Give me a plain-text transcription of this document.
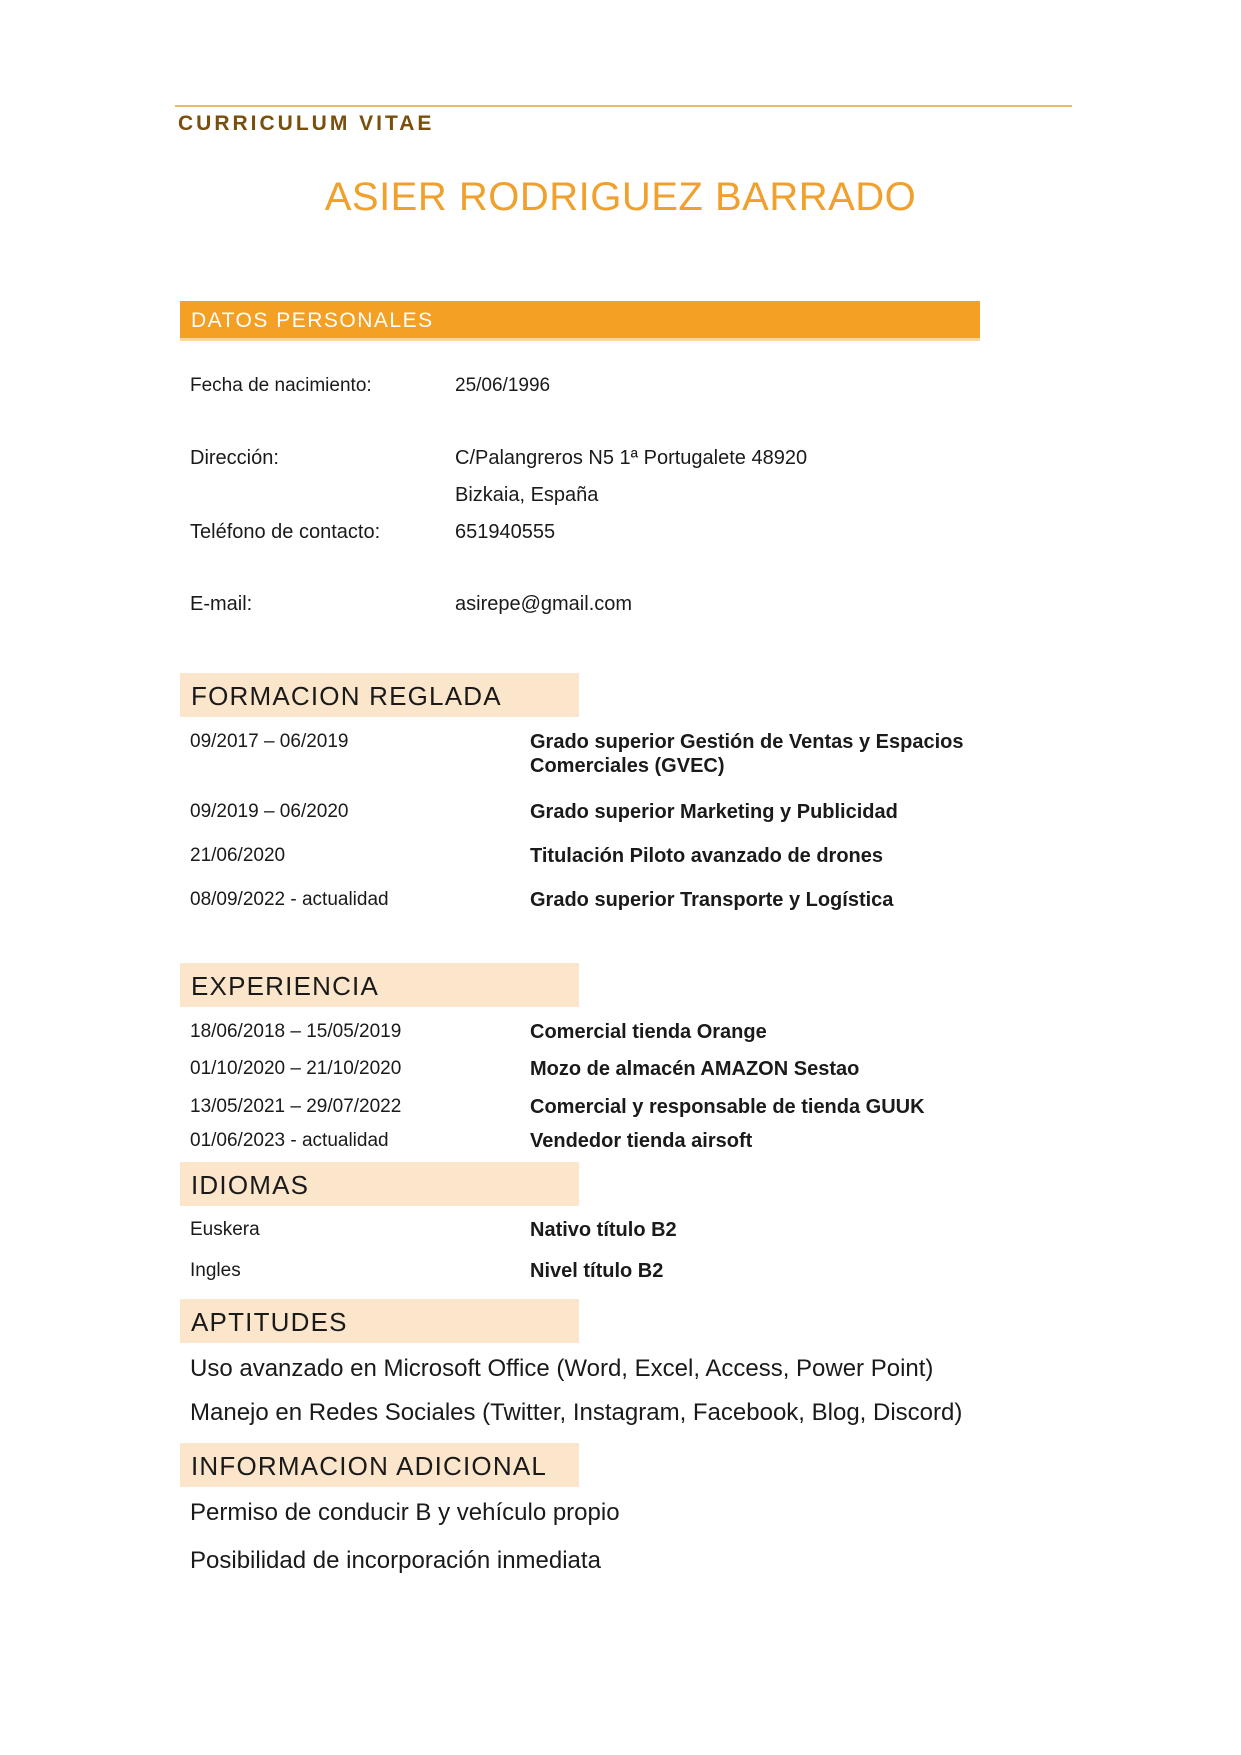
CURRICULUM VITAE
ASIER RODRIGUEZ BARRADO
DATOS PERSONALES
Fecha de nacimiento:	25/06/1996
Dirección:	C/Palangreros N5 1ª Portugalete 48920
Bizkaia, España
Teléfono de contacto:	651940555
E-mail:	asirepe@gmail.com
FORMACION REGLADA
09/2017 – 06/2019	Grado superior Gestión de Ventas y Espacios
Comerciales (GVEC)
09/2019 – 06/2020	Grado superior Marketing y Publicidad
21/06/2020	Titulación Piloto avanzado de drones
08/09/2022 - actualidad	Grado superior Transporte y Logística
EXPERIENCIA
18/06/2018 – 15/05/2019	Comercial tienda Orange
01/10/2020 – 21/10/2020	Mozo de almacén AMAZON Sestao
13/05/2021 – 29/07/2022	Comercial y responsable de tienda GUUK
01/06/2023 - actualidad	Vendedor tienda airsoft
IDIOMAS
Euskera	Nativo título B2
Ingles	Nivel título B2
APTITUDES
Uso avanzado en Microsoft Office (Word, Excel, Access, Power Point)
Manejo en Redes Sociales (Twitter, Instagram, Facebook, Blog, Discord)
INFORMACION ADICIONAL
Permiso de conducir B y vehículo propio
Posibilidad de incorporación inmediata
